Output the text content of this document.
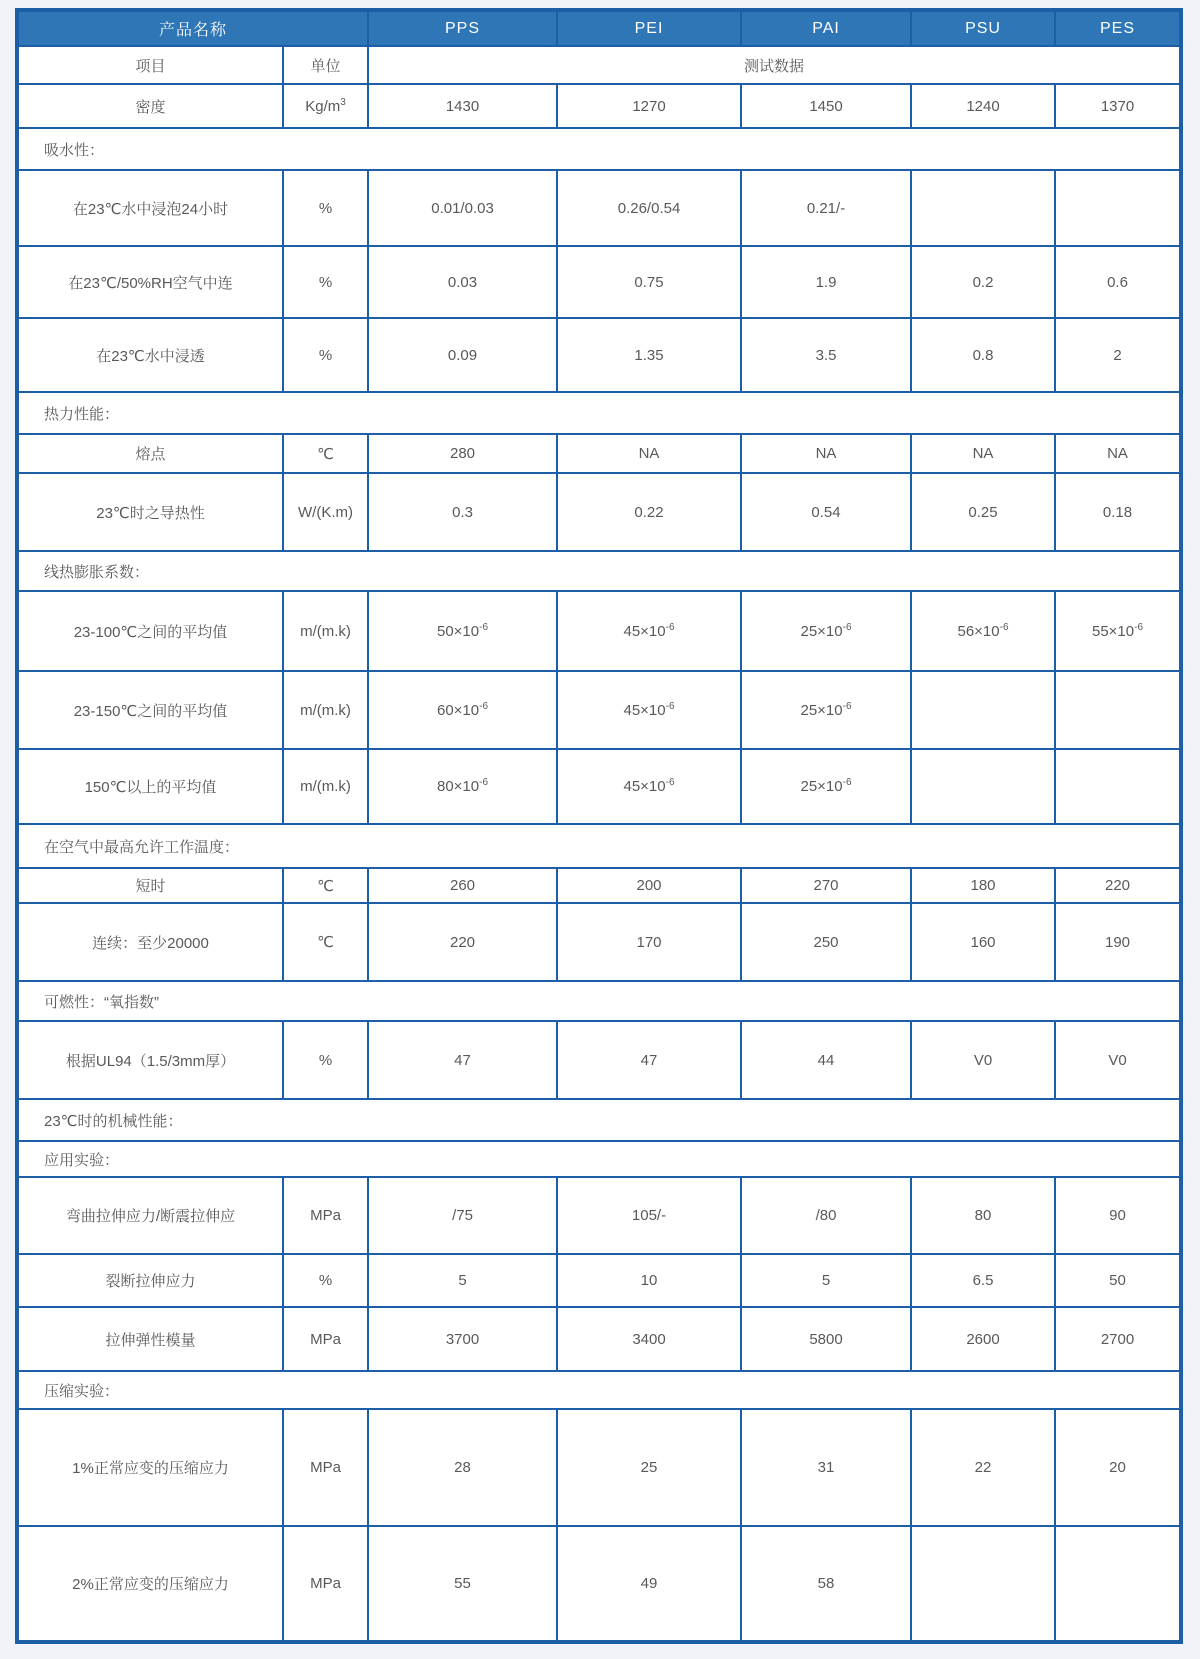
产品名称		PPS	PEI	PAI	PSU	PES
项目	单位	测试数据				
密度	$Kg/m^3$	1430	1270	1450	1240	1370
吸水性：						
在23℃水中浸泡24小时	%	0.01/0.03	0.26/0.54	0.21/-		
在23℃/50%RH空气中连	%	0.03	0.75	1.9	0.2	0.6
在23℃水中浸透	%	0.09	1.35	3.5	0.8	2
热力性能：						
熔点	℃	280	NA	NA	NA	NA
23℃时之导热性	W/(K.m)	0.3	0.22	0.54	0.25	0.18
线热膨胀系数：						
23-100℃之间的平均值	m/(m.k)	$50\times 10^{-6}$	$45\times 10^{-6}$	$25\times 10^{-6}$	$56\times 10^{-6}$	$55\times 10^{-6}$
23-150℃之间的平均值	m/(m.k)	$60\times 10^{-6}$	$45\times 10^{-6}$	$25\times 10^{-6}$		
150℃以上的平均值	m/(m.k)	$80\times 10^{-6}$	$45\times 10^{-6}$	$25\times 10^{-6}$		
在空气中最高允许工作温度：						
短时	℃	260	200	270	180	220
连续：至少20000	℃	220	170	250	160	190
可燃性：“氧指数”						
根据UL94（1.5/3mm厚）	%	47	47	44	V0	V0
23℃时的机械性能：						
应用实验：						
弯曲拉伸应力/断震拉伸应	MPa	/75	105/-	/80	80	90
裂断拉伸应力	%	5	10	5	6.5	50
拉伸弹性模量	MPa	3700	3400	5800	2600	2700
压缩实验：						
1%正常应变的压缩应力	MPa	28	25	31	22	20
2%正常应变的压缩应力	MPa	55	49	58		
